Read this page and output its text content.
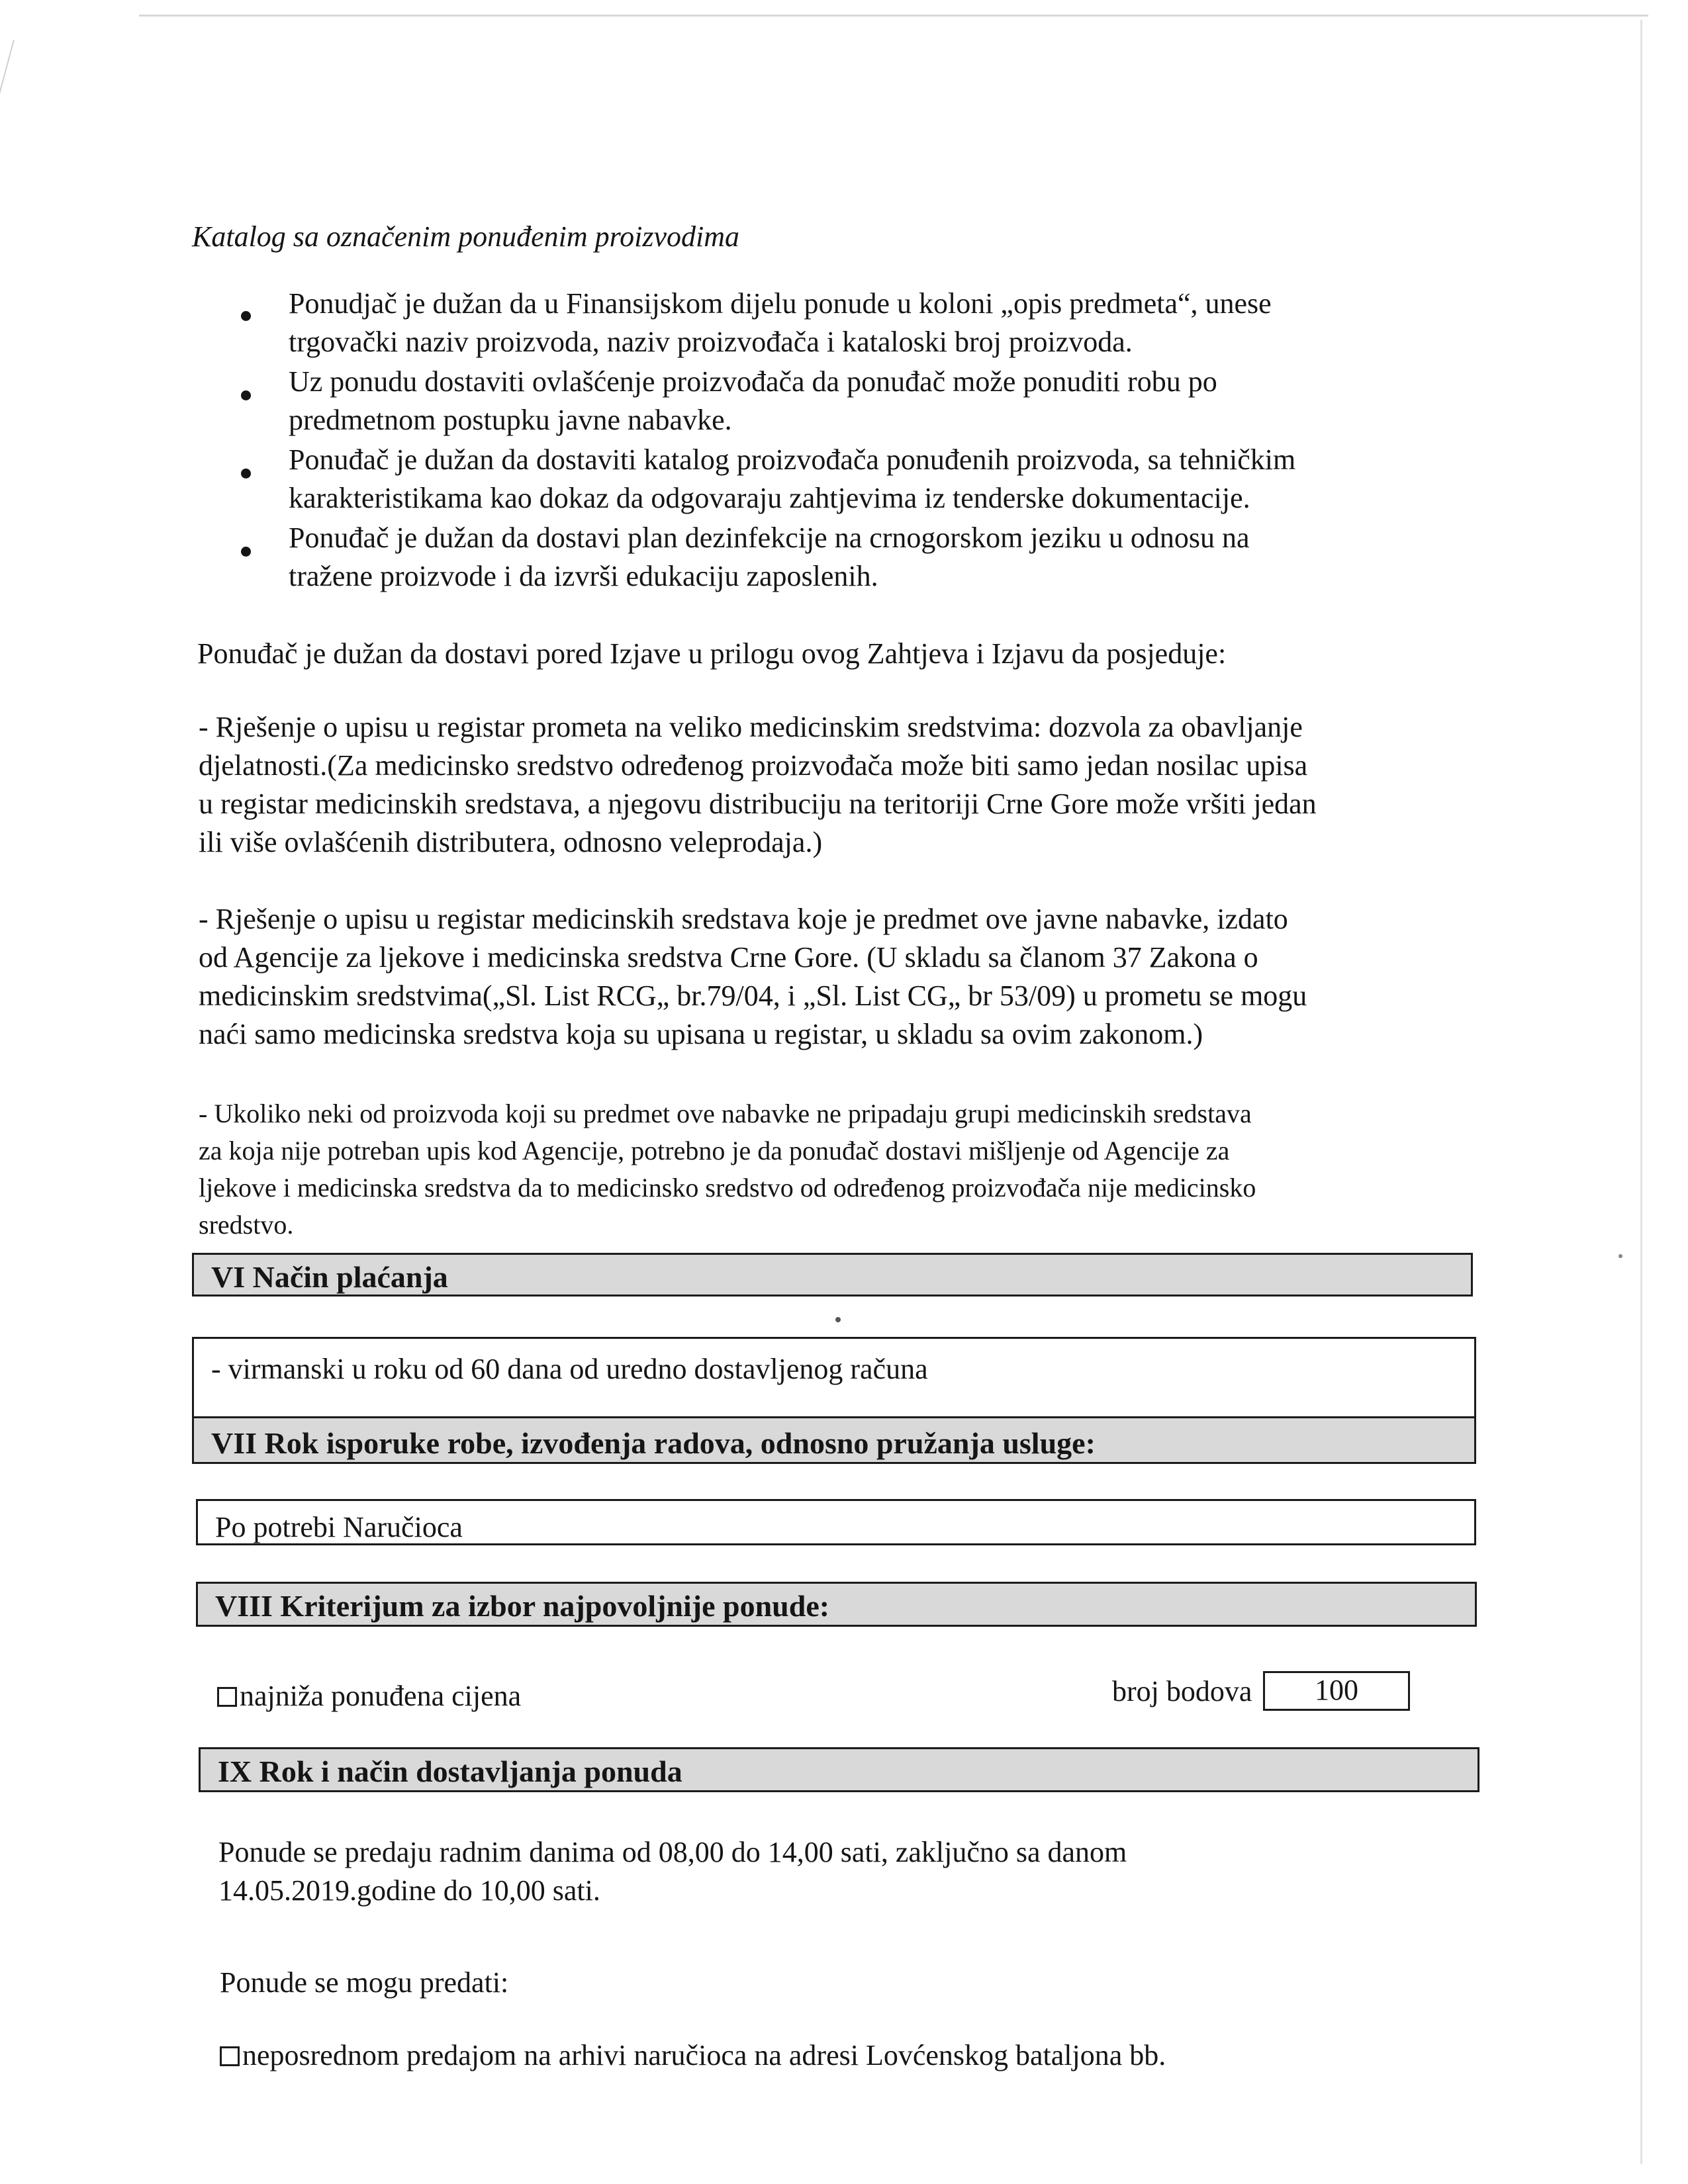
Katalog sa označenim ponuđenim proizvodima
Ponudjač je dužan da u Finansijskom dijelu ponude u koloni „opis predmeta“, unese
trgovački naziv proizvoda, naziv proizvođača i kataloski broj proizvoda.
Uz ponudu dostaviti ovlašćenje proizvođača da ponuđač može ponuditi robu po
predmetnom postupku javne nabavke.
Ponuđač je dužan da dostaviti katalog proizvođača ponuđenih proizvoda, sa tehničkim
karakteristikama kao dokaz da odgovaraju zahtjevima iz tenderske dokumentacije.
Ponuđač je dužan da dostavi plan dezinfekcije na crnogorskom jeziku u odnosu na
tražene proizvode i da izvrši edukaciju zaposlenih.
Ponuđač je dužan da dostavi pored Izjave u prilogu ovog Zahtjeva i Izjavu da posjeduje:
- Rješenje o upisu u registar prometa na veliko medicinskim sredstvima: dozvola za obavljanje
djelatnosti.(Za medicinsko sredstvo određenog proizvođača može biti samo jedan nosilac upisa
u registar medicinskih sredstava, a njegovu distribuciju na teritoriji Crne Gore može vršiti jedan
ili više ovlašćenih distributera, odnosno veleprodaja.)
- Rješenje o upisu u registar medicinskih sredstava koje je predmet ove javne nabavke, izdato
od Agencije za ljekove i medicinska sredstva Crne Gore. (U skladu sa članom 37 Zakona o
medicinskim sredstvima(„Sl. List RCG„ br.79/04, i „Sl. List CG„ br 53/09) u prometu se mogu
naći samo medicinska sredstva koja su upisana u registar, u skladu sa ovim zakonom.)
- Ukoliko neki od proizvoda koji su predmet ove nabavke ne pripadaju grupi medicinskih sredstava
za koja nije potreban upis kod Agencije, potrebno je da ponuđač dostavi mišljenje od Agencije za
ljekove i medicinska sredstva da to medicinsko sredstvo od određenog proizvođača nije medicinsko
sredstvo.
VI Način plaćanja
- virmanski u roku od 60 dana od uredno dostavljenog računa
VII Rok isporuke robe, izvođenja radova, odnosno pružanja usluge:
Po potrebi Naručioca
VIII Kriterijum za izbor najpovoljnije ponude:
najniža ponuđena cijena	broj bodova	100
IX Rok i način dostavljanja ponuda
Ponude se predaju radnim danima od 08,00 do 14,00 sati, zaključno sa danom
14.05.2019.godine do 10,00 sati.
Ponude se mogu predati:
neposrednom predajom na arhivi naručioca na adresi Lovćenskog bataljona bb.
